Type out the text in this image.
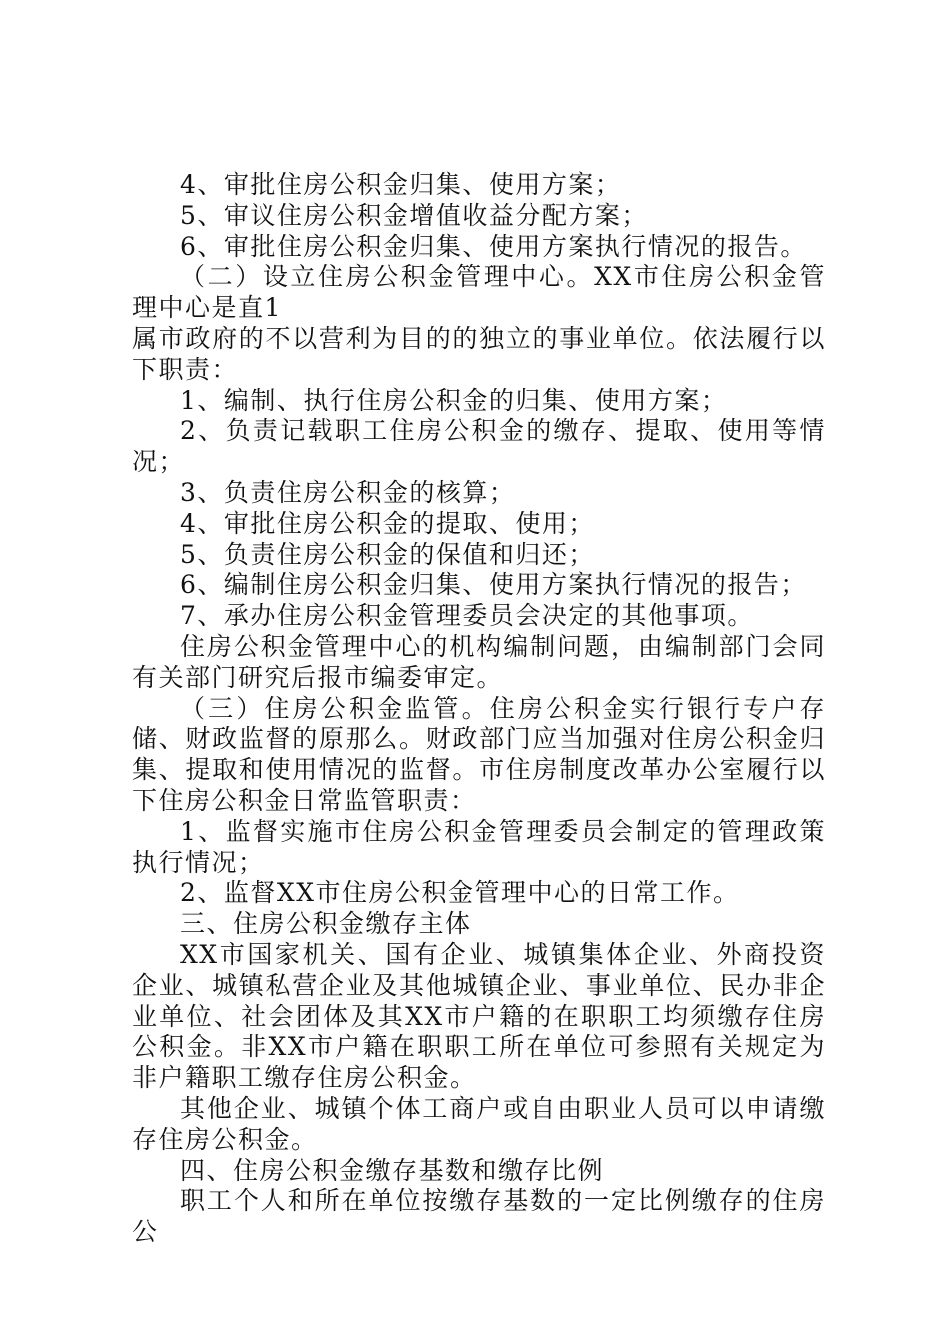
4、审批住房公积金归集、使用方案；

5、审议住房公积金增值收益分配方案；

6、审批住房公积金归集、使用方案执行情况的报告。

（二）设立住房公积金管理中心。XX市住房公积金管理中心是直1

属市政府的不以营利为目的的独立的事业单位。依法履行以下职责：

1、编制、执行住房公积金的归集、使用方案；

2、负责记载职工住房公积金的缴存、提取、使用等情况；

3、负责住房公积金的核算；

4、审批住房公积金的提取、使用；

5、负责住房公积金的保值和归还；

6、编制住房公积金归集、使用方案执行情况的报告；

7、承办住房公积金管理委员会决定的其他事项。

住房公积金管理中心的机构编制问题，由编制部门会同有关部门研究后报市编委审定。

（三）住房公积金监管。住房公积金实行银行专户存储、财政监督的原那么。财政部门应当加强对住房公积金归集、提取和使用情况的监督。市住房制度改革办公室履行以下住房公积金日常监管职责：

1、监督实施市住房公积金管理委员会制定的管理政策执行情况；

2、监督XX市住房公积金管理中心的日常工作。

三、住房公积金缴存主体

XX市国家机关、国有企业、城镇集体企业、外商投资企业、城镇私营企业及其他城镇企业、事业单位、民办非企业单位、社会团体及其XX市户籍的在职职工均须缴存住房公积金。非XX市户籍在职职工所在单位可参照有关规定为非户籍职工缴存住房公积金。

其他企业、城镇个体工商户或自由职业人员可以申请缴存住房公积金。

四、住房公积金缴存基数和缴存比例

职工个人和所在单位按缴存基数的一定比例缴存的住房公
